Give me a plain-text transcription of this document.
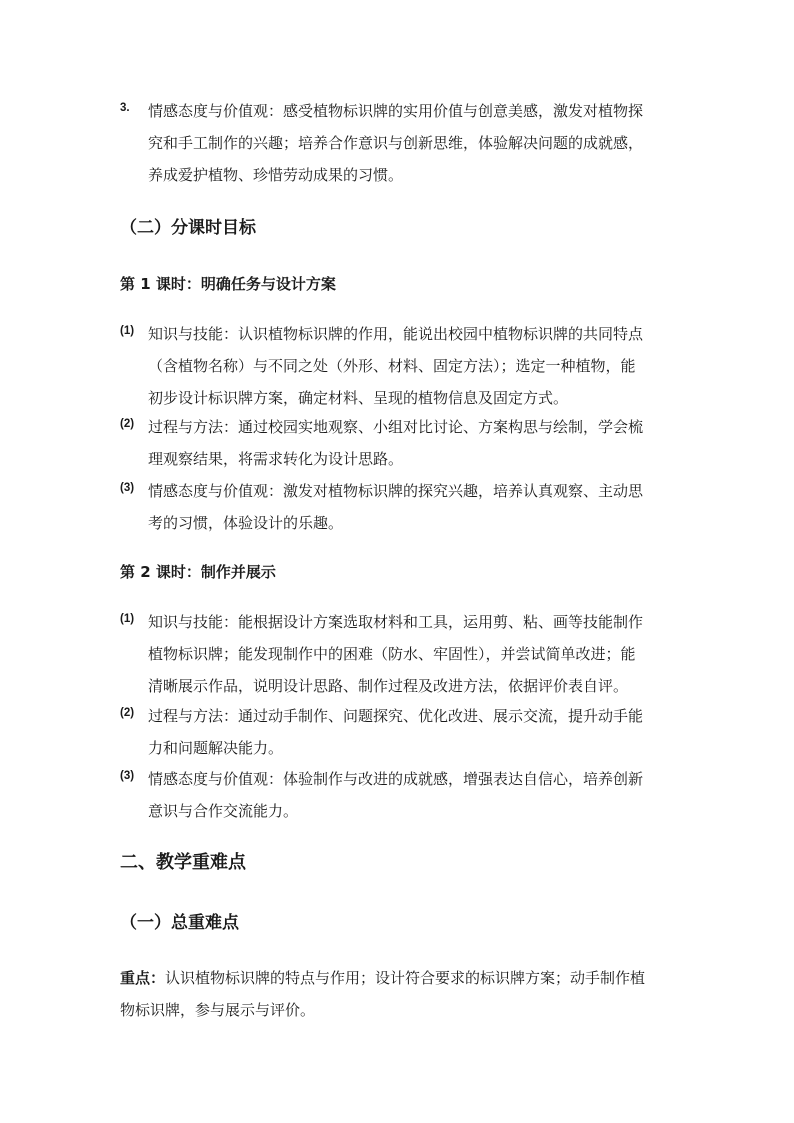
3. 情感态度与价值观：感受植物标识牌的实用价值与创意美感，激发对植物探
究和手工制作的兴趣；培养合作意识与创新思维，体验解决问题的成就感，
养成爱护植物、珍惜劳动成果的习惯。
（二）分课时目标
第 1 课时：明确任务与设计方案
(1) 知识与技能：认识植物标识牌的作用，能说出校园中植物标识牌的共同特点
（含植物名称）与不同之处（外形、材料、固定方法）；选定一种植物，能
初步设计标识牌方案，确定材料、呈现的植物信息及固定方式。
(2) 过程与方法：通过校园实地观察、小组对比讨论、方案构思与绘制，学会梳
理观察结果，将需求转化为设计思路。
(3) 情感态度与价值观：激发对植物标识牌的探究兴趣，培养认真观察、主动思
考的习惯，体验设计的乐趣。
第 2 课时：制作并展示
(1) 知识与技能：能根据设计方案选取材料和工具，运用剪、粘、画等技能制作
植物标识牌；能发现制作中的困难（防水、牢固性），并尝试简单改进；能
清晰展示作品，说明设计思路、制作过程及改进方法，依据评价表自评。
(2) 过程与方法：通过动手制作、问题探究、优化改进、展示交流，提升动手能
力和问题解决能力。
(3) 情感态度与价值观：体验制作与改进的成就感，增强表达自信心，培养创新
意识与合作交流能力。
二、教学重难点
（一）总重难点
重点：认识植物标识牌的特点与作用；设计符合要求的标识牌方案；动手制作植
物标识牌，参与展示与评价。
